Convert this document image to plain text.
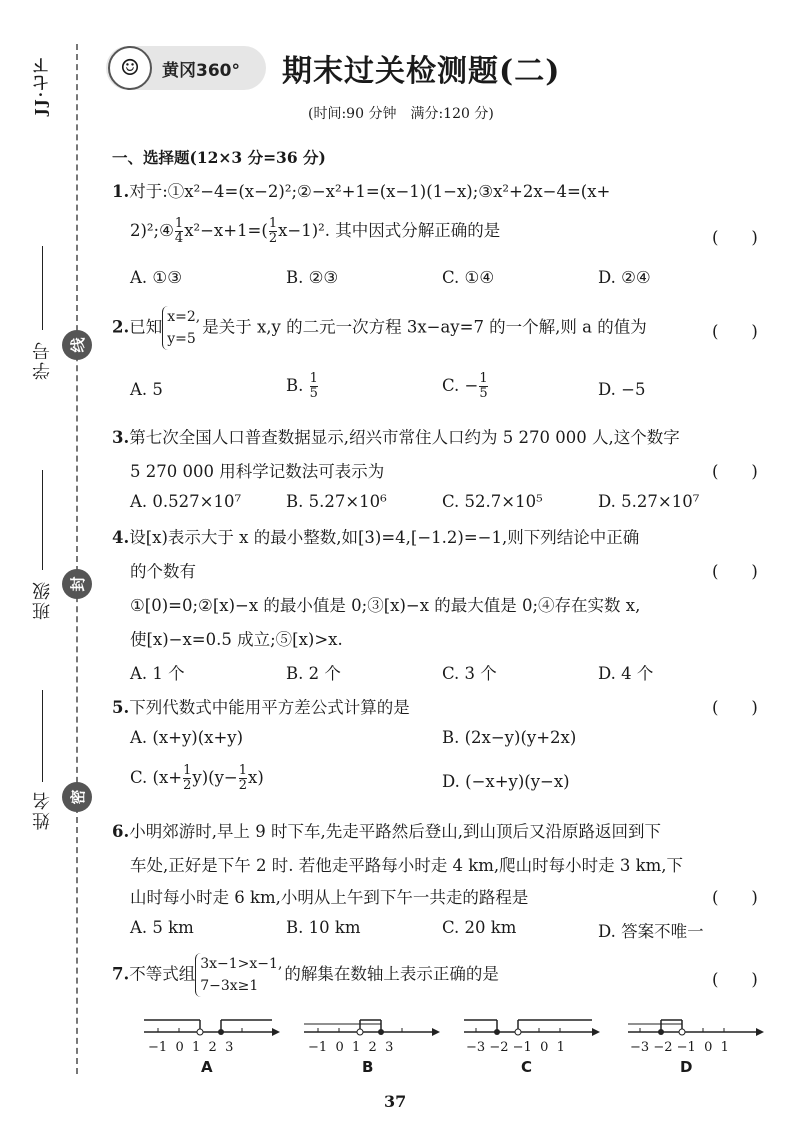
JJ·七下
学号
班级
姓名
线
封
密
☺	黄冈360° 期末过关检测题(二)
(时间:90 分钟　满分:120 分)
一、选择题(12×3 分=36 分)
1.对于:①x²−4=(x−2)²;②−x²+1=(x−1)(1−x);③x²+2x−4=(x+
2)²;④ $\frac{1}{4} x^2-x+1=( \frac{1}{2} x-1)^2$. 其中因式分解正确的是	(　　)
A. ①③	B. ②③	C. ①④	D. ②④
2.已知
x=2,
y=5
是关于 x,y 的二元一次方程 3x−ay=7 的一个解,则 a 的值为	(　　)
A. 5	B. $\frac{1}{5}$	C. − $\frac{1}{5}$	D. −5
3.第七次全国人口普查数据显示,绍兴市常住人口约为 5 270 000 人,这个数字
5 270 000 用科学记数法可表示为	(　　)
A. 0.527×10⁷	B. 5.27×10⁶	C. 52.7×10⁵	D. 5.27×10⁷
4.设[x)表示大于 x 的最小整数,如[3)=4,[−1.2)=−1,则下列结论中正确
的个数有	(　　)
①[0)=0;②[x)−x 的最小值是 0;③[x)−x 的最大值是 0;④存在实数 x,
使[x)−x=0.5 成立;⑤[x)>x.
A. 1 个	B. 2 个	C. 3 个	D. 4 个
5.下列代数式中能用平方差公式计算的是	(　　)
A. (x+y)(x+y)	B. (2x−y)(y+2x)
C. $(x+ \frac{1}{2} y)(y- \frac{1}{2} x)$	D. (−x+y)(y−x)
6.小明郊游时,早上 9 时下车,先走平路然后登山,到山顶后又沿原路返回到下
车处,正好是下午 2 时. 若他走平路每小时走 4 km,爬山时每小时走 3 km,下
山时每小时走 6 km,小明从上午到下午一共走的路程是	(　　)
A. 5 km	B. 10 km	C. 20 km	D. 答案不唯一
7.不等式组
3x−1>x−1,
7−3x≥1
的解集在数轴上表示正确的是	(　　)
−1 0 1 2 3	−1 0 1 2 3	−3 −2 −1 0 1	−3 −2 −1 0 1
A	B	C	D
37
